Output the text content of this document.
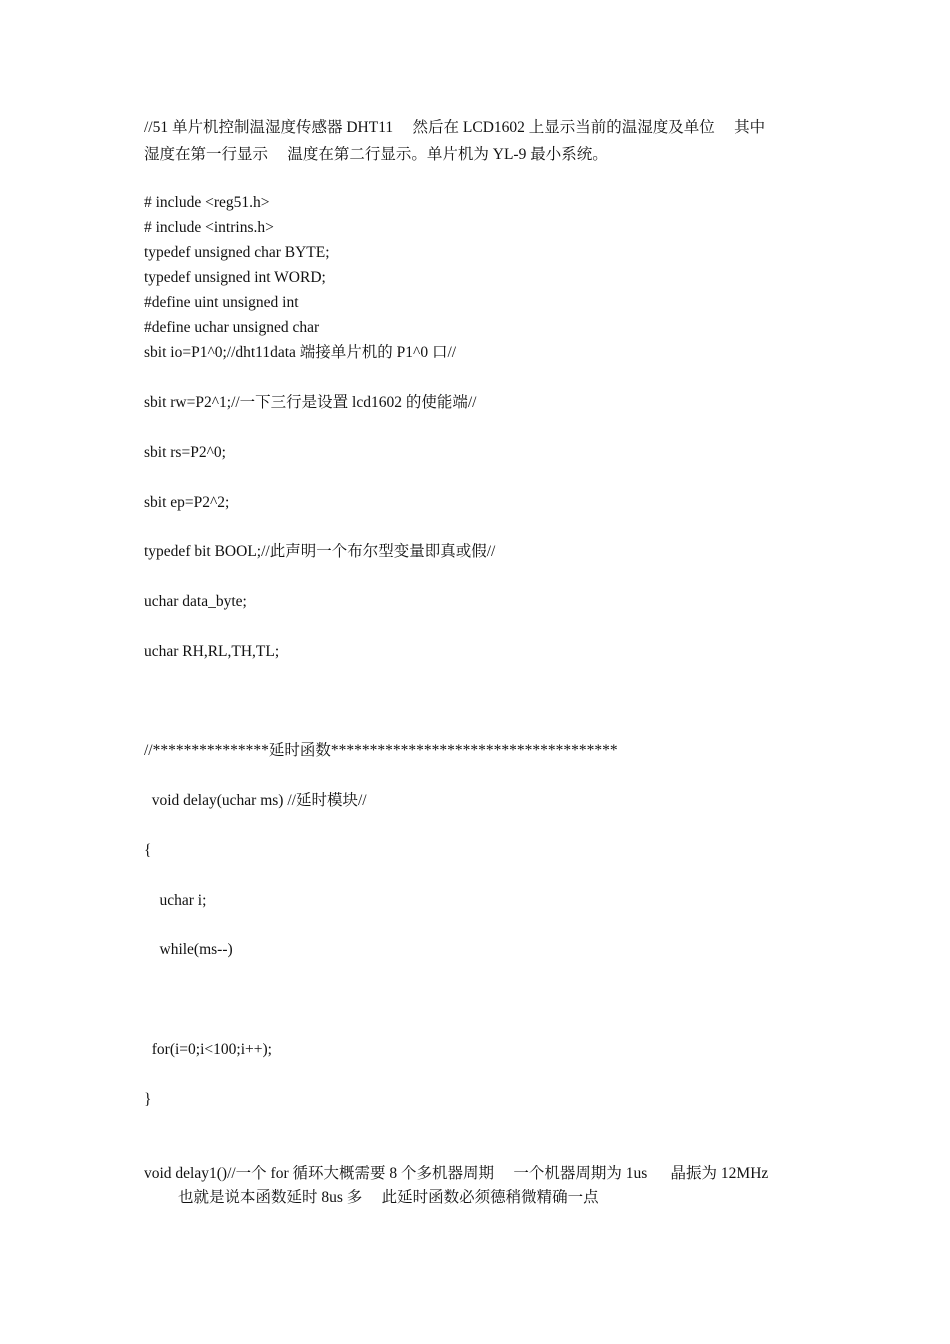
//51 单片机控制温湿度传感器 DHT11     然后在 LCD1602 上显示当前的温湿度及单位     其中
湿度在第一行显示     温度在第二行显示。单片机为 YL-9 最小系统。
# include <reg51.h>
# include <intrins.h>
typedef unsigned char BYTE;
typedef unsigned int WORD;
#define uint unsigned int
#define uchar unsigned char
sbit io=P1^0;//dht11data 端接单片机的 P1^0 口//
sbit rw=P2^1;//一下三行是设置 lcd1602 的使能端//
sbit rs=P2^0;
sbit ep=P2^2;
typedef bit BOOL;//此声明一个布尔型变量即真或假//
uchar data_byte;
uchar RH,RL,TH,TL;
//***************延时函数*************************************
void delay(uchar ms) //延时模块//
{
uchar i;
while(ms--)
for(i=0;i<100;i++);
}
void delay1()//一个 for 循环大概需要 8 个多机器周期     一个机器周期为 1us      晶振为 12MHz
也就是说本函数延时 8us 多     此延时函数必须德稍微精确一点
